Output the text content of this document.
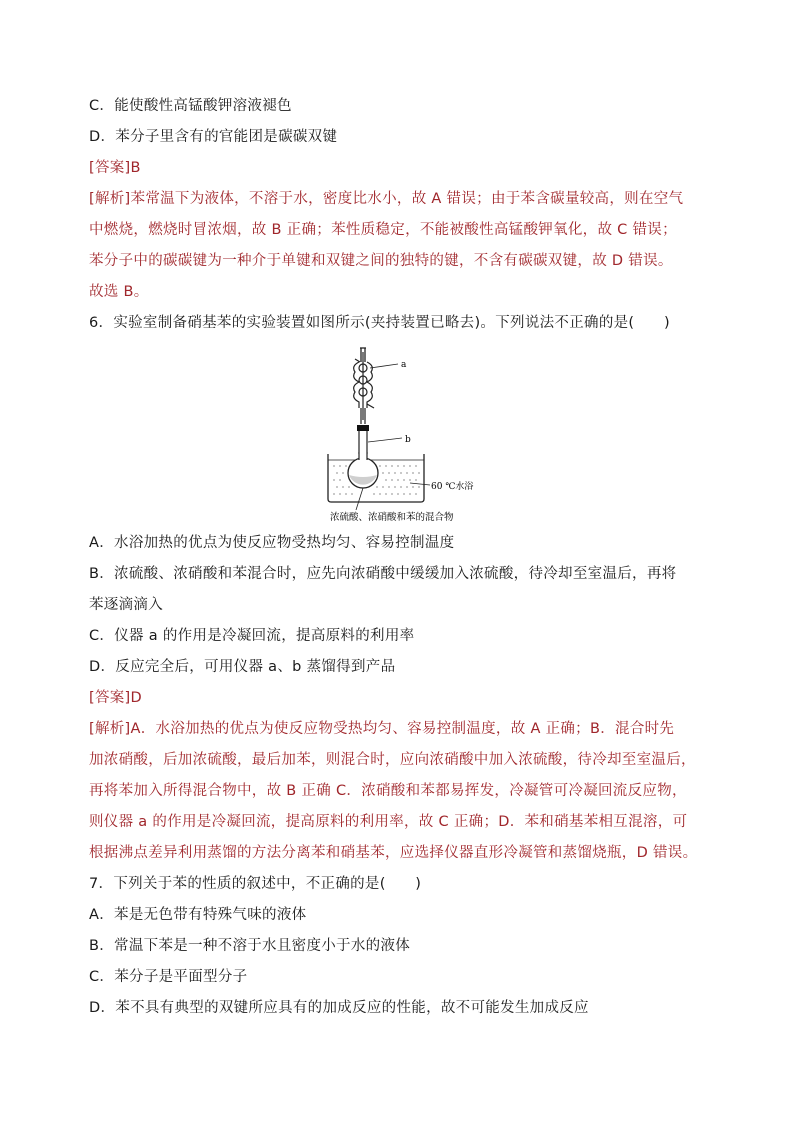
C．能使酸性高锰酸钾溶液褪色
D．苯分子里含有的官能团是碳碳双键
[答案]B
[解析]苯常温下为液体，不溶于水，密度比水小，故 A 错误；由于苯含碳量较高，则在空气
中燃烧，燃烧时冒浓烟，故 B 正确；苯性质稳定，不能被酸性高锰酸钾氧化，故 C 错误；
苯分子中的碳碳键为一种介于单键和双键之间的独特的键，不含有碳碳双键，故 D 错误。
故选 B。
6．实验室制备硝基苯的实验装置如图所示(夹持装置已略去)。下列说法不正确的是(　　)
a
b
60 ℃水浴
浓硫酸、浓硝酸和苯的混合物
A．水浴加热的优点为使反应物受热均匀、容易控制温度
B．浓硫酸、浓硝酸和苯混合时，应先向浓硝酸中缓缓加入浓硫酸，待冷却至室温后，再将
苯逐滴滴入
C．仪器 a 的作用是冷凝回流，提高原料的利用率
D．反应完全后，可用仪器 a、b 蒸馏得到产品
[答案]D
[解析]A．水浴加热的优点为使反应物受热均匀、容易控制温度，故 A 正确；B．混合时先
加浓硝酸，后加浓硫酸，最后加苯，则混合时，应向浓硝酸中加入浓硫酸，待冷却至室温后，
再将苯加入所得混合物中，故 B 正确 C．浓硝酸和苯都易挥发，冷凝管可冷凝回流反应物，
则仪器 a 的作用是冷凝回流，提高原料的利用率，故 C 正确；D．苯和硝基苯相互混溶，可
根据沸点差异利用蒸馏的方法分离苯和硝基苯，应选择仪器直形冷凝管和蒸馏烧瓶，D 错误。
7．下列关于苯的性质的叙述中，不正确的是(　　)
A．苯是无色带有特殊气味的液体
B．常温下苯是一种不溶于水且密度小于水的液体
C．苯分子是平面型分子
D．苯不具有典型的双键所应具有的加成反应的性能，故不可能发生加成反应
